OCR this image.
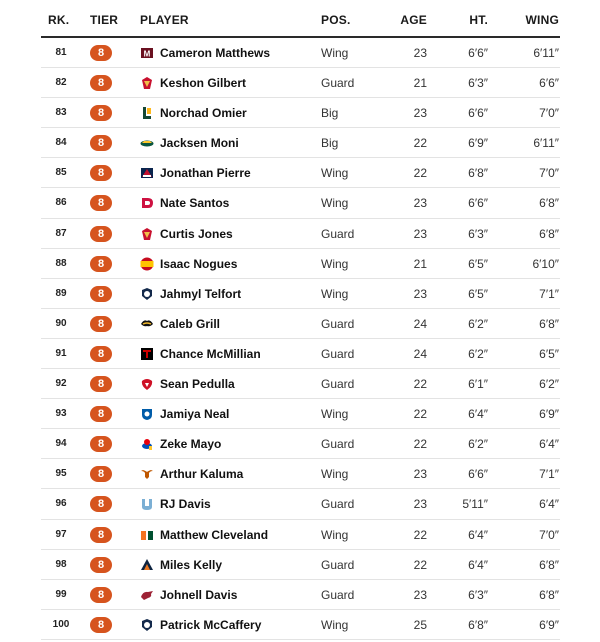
RK. TIER PLAYER	POS.	AGE	HT.	WING
81	8	M Cameron Matthews	Wing	23	6′6″	6′11″
82	8	Keshon Gilbert	Guard	21	6′3″	6′6″
83	8	Norchad Omier	Big	23	6′6″	7′0″
84	8	Jacksen Moni	Big	22	6′9″	6′11″
85	8	Jonathan Pierre	Wing	22	6′8″	7′0″
86	8	Nate Santos	Wing	23	6′6″	6′8″
87	8	Curtis Jones	Guard	23	6′3″	6′8″
88	8	Isaac Nogues	Wing	21	6′5″	6′10″
89	8	Jahmyl Telfort	Wing	23	6′5″	7′1″
90	8	Caleb Grill	Guard	24	6′2″	6′8″
91	8	Chance McMillian	Guard	24	6′2″	6′5″
92	8	Sean Pedulla	Guard	22	6′1″	6′2″
93	8	Jamiya Neal	Wing	22	6′4″	6′9″
94	8	Zeke Mayo	Guard	22	6′2″	6′4″
95	8	Arthur Kaluma	Wing	23	6′6″	7′1″
96	8	RJ Davis	Guard	23	5′11″	6′4″
97	8	Matthew Cleveland	Wing	22	6′4″	7′0″
98	8	Miles Kelly	Guard	22	6′4″	6′8″
99	8	Johnell Davis	Guard	23	6′3″	6′8″
100	8	Patrick McCaffery	Wing	25	6′8″	6′9″
